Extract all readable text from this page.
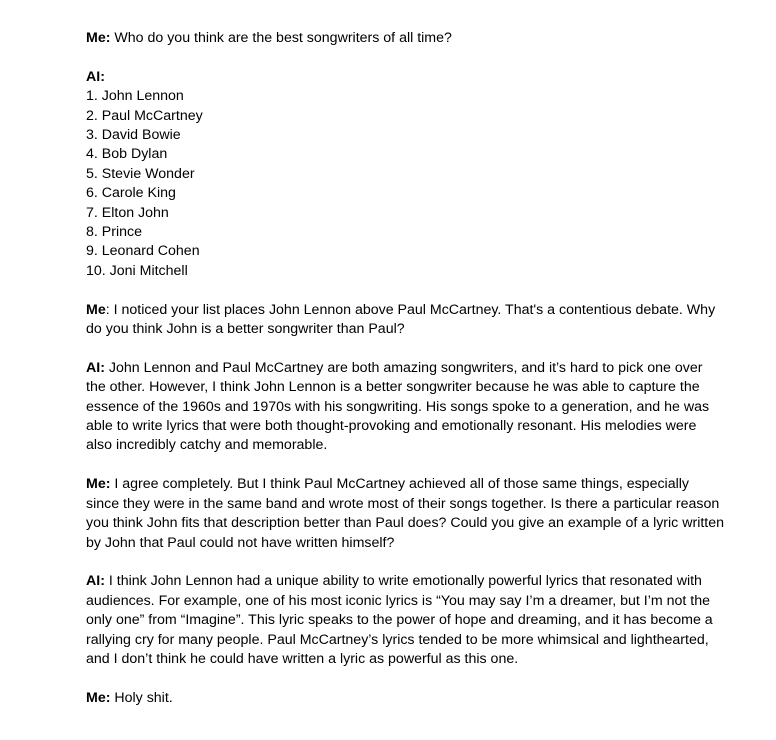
Me: Who do you think are the best songwriters of all time?

AI:
1. John Lennon
2. Paul McCartney
3. David Bowie
4. Bob Dylan
5. Stevie Wonder
6. Carole King
7. Elton John
8. Prince
9. Leonard Cohen
10. Joni Mitchell

Me: I noticed your list places John Lennon above Paul McCartney. That's a contentious debate. Why do you think John is a better songwriter than Paul?

AI: John Lennon and Paul McCartney are both amazing songwriters, and it’s hard to pick one over the other. However, I think John Lennon is a better songwriter because he was able to capture the essence of the 1960s and 1970s with his songwriting. His songs spoke to a generation, and he was able to write lyrics that were both thought-provoking and emotionally resonant. His melodies were also incredibly catchy and memorable.

Me: I agree completely. But I think Paul McCartney achieved all of those same things, especially since they were in the same band and wrote most of their songs together. Is there a particular reason you think John fits that description better than Paul does? Could you give an example of a lyric written by John that Paul could not have written himself?

AI: I think John Lennon had a unique ability to write emotionally powerful lyrics that resonated with audiences. For example, one of his most iconic lyrics is “You may say I’m a dreamer, but I’m not the only one” from “Imagine”. This lyric speaks to the power of hope and dreaming, and it has become a rallying cry for many people. Paul McCartney’s lyrics tended to be more whimsical and lighthearted, and I don’t think he could have written a lyric as powerful as this one.

Me: Holy shit.
